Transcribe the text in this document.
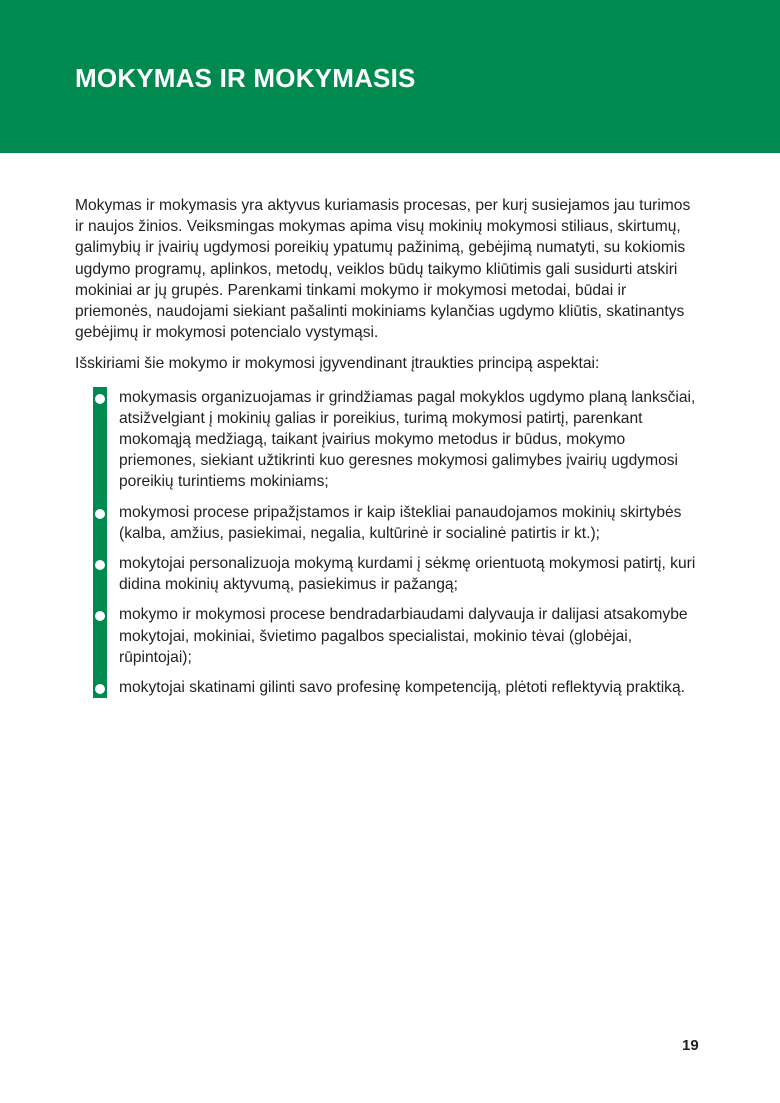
MOKYMAS IR MOKYMASIS

Mokymas ir mokymasis yra aktyvus kuriamasis procesas, per kurį susiejamos jau turimos ir naujos žinios. Veiksmingas mokymas apima visų mokinių mokymosi stiliaus, skirtumų, galimybių ir įvairių ugdymosi poreikių ypatumų pažinimą, gebėjimą numatyti, su kokiomis ugdymo programų, aplinkos, metodų, veiklos būdų taikymo kliūtimis gali susidurti atskiri mokiniai ar jų grupės. Parenkami tinkami mokymo ir mokymosi metodai, būdai ir priemonės, naudojami siekiant pašalinti mokiniams kylančias ugdymo kliūtis, skatinantys gebėjimų ir mokymosi potencialo vystymąsi.

Išskiriami šie mokymo ir mokymosi įgyvendinant įtraukties principą aspektai:

mokymasis organizuojamas ir grindžiamas pagal mokyklos ugdymo planą lanksčiai, atsižvelgiant į mokinių galias ir poreikius, turimą mokymosi patirtį, parenkant mokomąją medžiagą, taikant įvairius mokymo metodus ir būdus, mokymo priemones, siekiant užtikrinti kuo geresnes mokymosi galimybes įvairių ugdymosi poreikių turintiems mokiniams;
mokymosi procese pripažįstamos ir kaip ištekliai panaudojamos mokinių skirtybės (kalba, amžius, pasiekimai, negalia, kultūrinė ir socialinė patirtis ir kt.);
mokytojai personalizuoja mokymą kurdami į sėkmę orientuotą mokymosi patirtį, kuri didina mokinių aktyvumą, pasiekimus ir pažangą;
mokymo ir mokymosi procese bendradarbiaudami dalyvauja ir dalijasi atsakomybe mokytojai, mokiniai, švietimo pagalbos specialistai, mokinio tėvai (globėjai, rūpintojai);
mokytojai skatinami gilinti savo profesinę kompetenciją, plėtoti reflektyvią praktiką.
19
